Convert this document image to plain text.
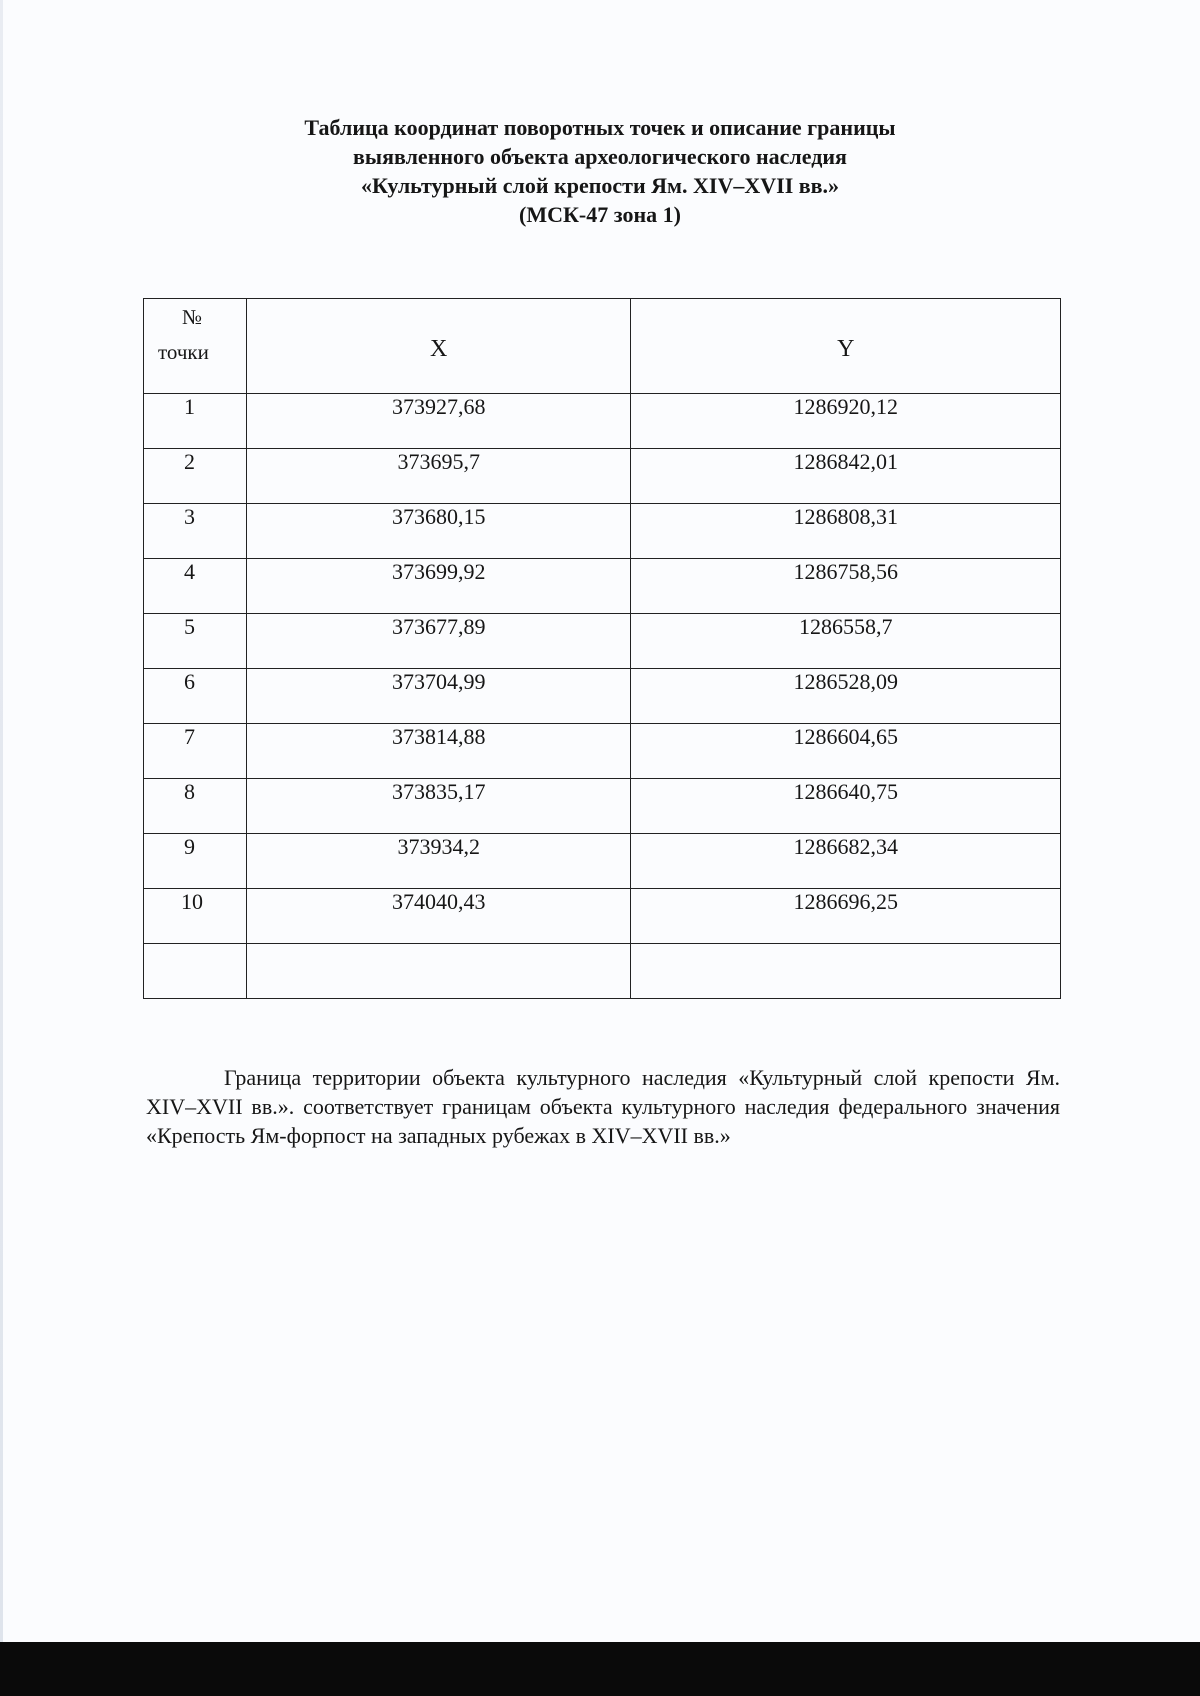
Таблица координат поворотных точек и описание границы
выявленного объекта археологического наследия
«Культурный слой крепости Ям. XIV–XVII вв.»
(МСК-47 зона 1)
№
точки	X	Y
1	373927,68	1286920,12
2	373695,7	1286842,01
3	373680,15	1286808,31
4	373699,92	1286758,56
5	373677,89	1286558,7
6	373704,99	1286528,09
7	373814,88	1286604,65
8	373835,17	1286640,75
9	373934,2	1286682,34
10	374040,43	1286696,25

Граница территории объекта культурного наследия «Культурный слой крепости Ям. XIV–XVII вв.». соответствует границам объекта культурного наследия федерального значения «Крепость Ям-форпост на западных рубежах в XIV–XVII вв.»
